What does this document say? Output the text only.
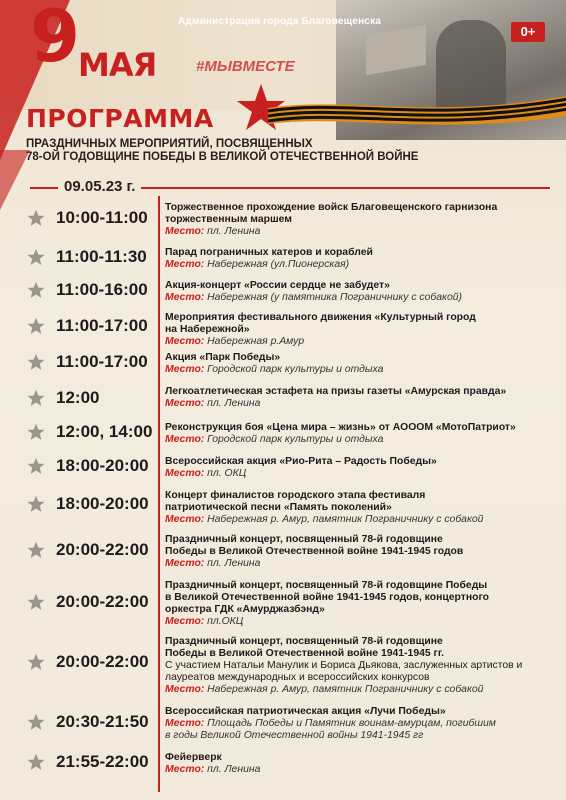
Администрация города Благовещенска
0+
9
МАЯ	#МЫВМЕСТЕ
ПРОГРАММА
ПРАЗДНИЧНЫХ МЕРОПРИЯТИЙ, ПОСВЯЩЕННЫХ
78-ОЙ ГОДОВЩИНЕ ПОБЕДЫ В ВЕЛИКОЙ ОТЕЧЕСТВЕННОЙ ВОЙНЕ
09.05.23 г.
10:00-11:00
Торжественное прохождение войск Благовещенского гарнизона
торжественным маршем
Место: пл. Ленина
11:00-11:30 Парад пограничных катеров и кораблей
Место: Набережная (ул.Пионерская)
11:00-16:00 Акция-концерт «России сердце не забудет»
Место: Набережная (у памятника Пограничнику с собакой)
11:00-17:00 Мероприятия фестивального движения «Культурный город
на Набережной»
Место: Набережная р.Амур
11:00-17:00 Акция «Парк Победы»
Место: Городской парк культуры и отдыха
12:00	Легкоатлетическая эстафета на призы газеты «Амурская правда»
Место: пл. Ленина
12:00, 14:00 Реконструкция боя «Цена мира – жизнь» от АОООМ «МотоПатриот»
Место: Городской парк культуры и отдыха
18:00-20:00 Всероссийская акция «Рио-Рита – Радость Победы»
Место: пл. ОКЦ
18:00-20:00 Концерт финалистов городского этапа фестиваля
патриотической песни «Память поколений»
Место: Набережная р. Амур, памятник Пограничнику с собакой
20:00-22:00
Праздничный концерт, посвященный 78-й годовщине
Победы в Великой Отечественной войне 1941-1945 годов
Место: пл. Ленина
20:00-22:00
Праздничный концерт, посвященный 78-й годовщине Победы
в Великой Отечественной войне 1941-1945 годов, концертного
оркестра ГДК «Амурджазбэнд»
Место: пл.ОКЦ
20:00-22:00
Праздничный концерт, посвященный 78-й годовщине
Победы в Великой Отечественной войне 1941-1945 гг.
С участием Натальи Манулик и Бориса Дьякова, заслуженных артистов и
лауреатов международных и всероссийских конкурсов
Место: Набережная р. Амур, памятник Пограничнику с собакой
20:30-21:50
Всероссийская патриотическая акция «Лучи Победы»
Место: Площадь Победы и Памятник воинам-амурцам, погибшим
в годы Великой Отечественной войны 1941-1945 гг
21:55-22:00 Фейерверк
Место: пл. Ленина
